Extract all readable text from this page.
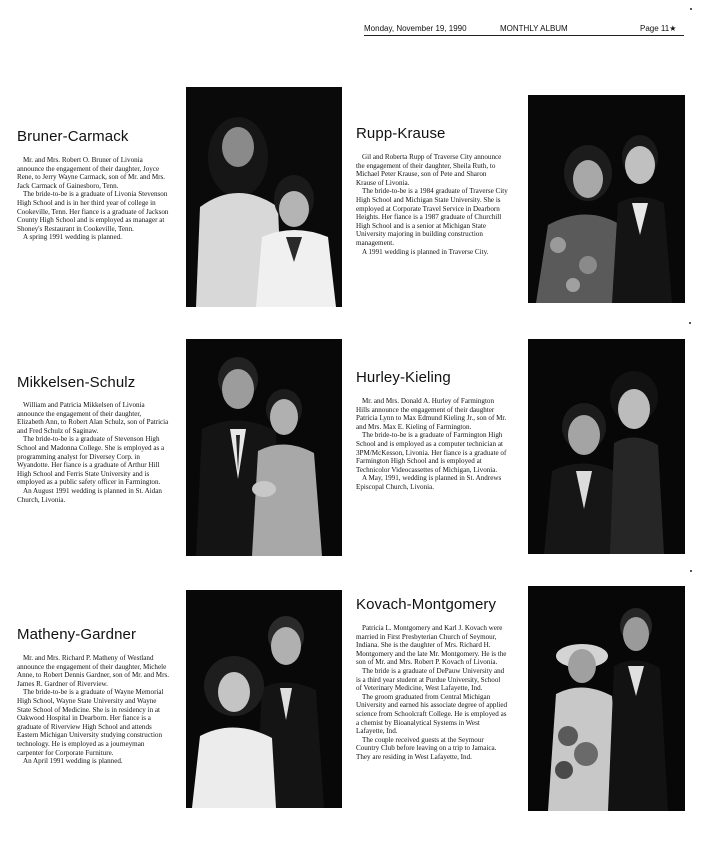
Monday, November 19, 1990	MONTHLY ALBUM	Page 11★
Bruner-Carmack

Mr. and Mrs. Robert O. Bruner of Livonia announce the engagement of their daughter, Joyce Rene, to Jerry Wayne Carmack, son of Mr. and Mrs. Jack Carmack of Gainesboro, Tenn.

The bride-to-be is a graduate of Livonia Stevenson High School and is in her third year of college in Cookeville, Tenn. Her fiance is a graduate of Jackson County High School and is employed as manager at Shoney's Restaurant in Cookeville, Tenn.

A spring 1991 wedding is planned.

Rupp-Krause

Gil and Roberta Rupp of Traverse City announce the engagement of their daughter, Sheila Ruth, to Michael Peter Krause, son of Pete and Sharon Krause of Livonia.

The bride-to-be is a 1984 graduate of Traverse City High School and Michigan State University. She is employed at Corporate Travel Service in Dearborn Heights. Her fiance is a 1987 graduate of Churchill High School and is a senior at Michigan State University majoring in building construction management.

A 1991 wedding is planned in Traverse City.

Mikkelsen-Schulz

William and Patricia Mikkelsen of Livonia announce the engagement of their daughter, Elizabeth Ann, to Robert Alan Schulz, son of Patricia and Fred Schulz of Saginaw.

The bride-to-be is a graduate of Stevenson High School and Madonna College. She is employed as a programming analyst for Diversey Corp. in Wyandotte. Her fiance is a graduate of Arthur Hill High School and Ferris State University and is employed as a public safety officer in Farmington.

An August 1991 wedding is planned in St. Aidan Church, Livonia.

Hurley-Kieling

Mr. and Mrs. Donald A. Hurley of Farmington Hills announce the engagement of their daughter Patricia Lynn to Max Edmund Kieling Jr., son of Mr. and Mrs. Max E. Kieling of Farmington.

The bride-to-be is a graduate of Farmington High School and is employed as a computer technician at 3PM/McKesson, Livonia. Her fiance is a graduate of Farmington High School and is employed at Technicolor Videocassettes of Michigan, Livonia.

A May, 1991, wedding is planned in St. Andrews Episcopal Church, Livonia.

Matheny-Gardner

Mr. and Mrs. Richard P. Matheny of Westland announce the engagement of their daughter, Michele Anne, to Robert Dennis Gardner, son of Mr. and Mrs. James R. Gardner of Riverview.

The bride-to-be is a graduate of Wayne Memorial High School, Wayne State University and Wayne State School of Medicine. She is in residency in at Oakwood Hospital in Dearborn. Her fiance is a graduate of Riverview High School and attends Eastern Michigan University studying construction technology. He is employed as a journeyman carpenter for Corporate Furniture.

An April 1991 wedding is planned.

Kovach-Montgomery

Patricia L. Montgomery and Karl J. Kovach were married in First Presbyterian Church of Seymour, Indiana. She is the daughter of Mrs. Richard H. Montgomery and the late Mr. Montgomery. He is the son of Mr. and Mrs. Robert P. Kovach of Livonia.

The bride is a graduate of DePauw University and is a third year student at Purdue University, School of Veterinary Medicine, West Lafayette, Ind.

The groom graduated from Central Michigan University and earned his associate degree of applied science from Schoolcraft College. He is employed as a chemist by Bioanalytical Systems in West Lafayette, Ind.

The couple received guests at the Seymour Country Club before leaving on a trip to Jamaica. They are residing in West Lafayette, Ind.
